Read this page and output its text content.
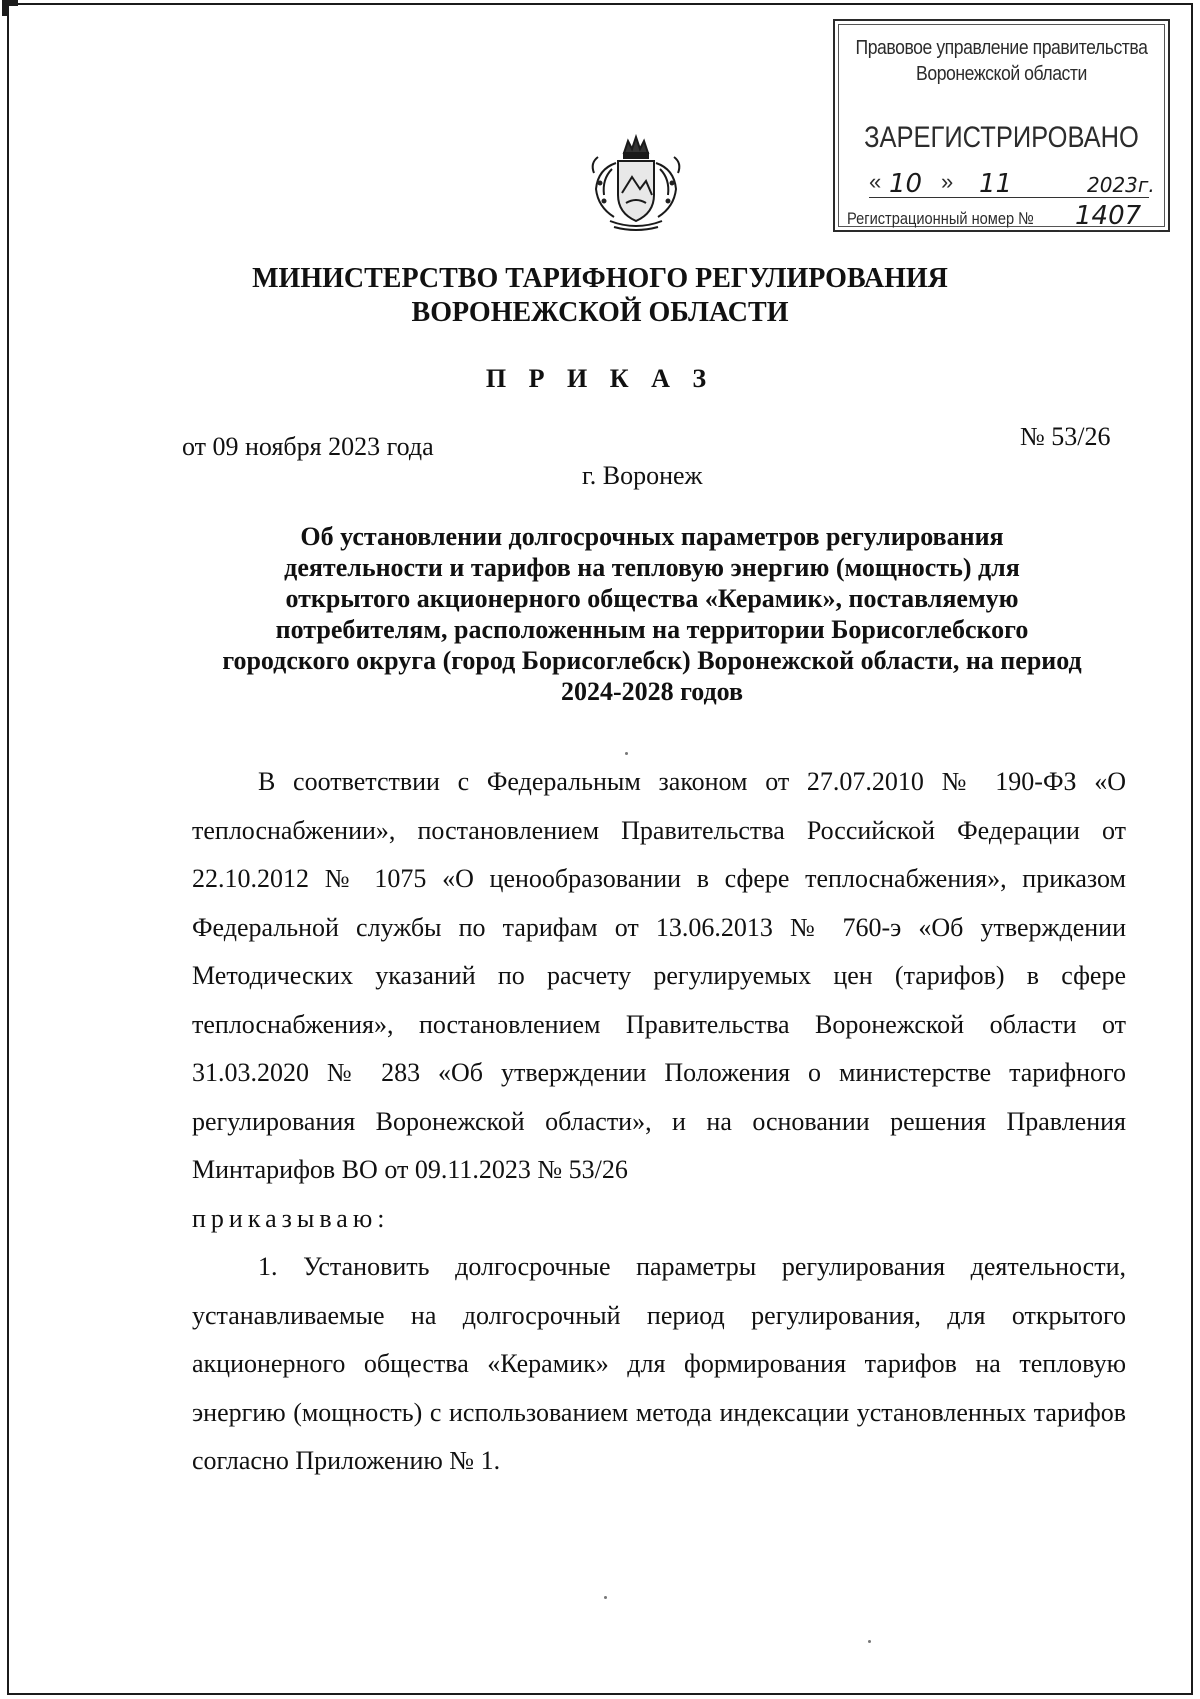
Правовое управление правительства
Воронежской области
ЗАРЕГИСТРИРОВАНО
« 10 » 11	2023г.
Регистрационный номер № 1407
МИНИСТЕРСТВО ТАРИФНОГО РЕГУЛИРОВАНИЯ
ВОРОНЕЖСКОЙ ОБЛАСТИ
П Р И К А З
от 09 ноября 2023 года	№ 53/26
г. Воронеж
Об установлении долгосрочных параметров регулирования
деятельности и тарифов на тепловую энергию (мощность) для
открытого акционерного общества «Керамик», поставляемую
потребителям, расположенным на территории Борисоглебского
городского округа (город Борисоглебск) Воронежской области, на период
2024-2028 годов

В соответствии с Федеральным законом от 27.07.2010 № 190-ФЗ «О теплоснабжении», постановлением Правительства Российской Федерации от 22.10.2012 № 1075 «О ценообразовании в сфере теплоснабжения», приказом Федеральной службы по тарифам от 13.06.2013 № 760-э «Об утверждении Методических указаний по расчету регулируемых цен (тарифов) в сфере теплоснабжения», постановлением Правительства Воронежской области от 31.03.2020 № 283 «Об утверждении Положения о министерстве тарифного регулирования Воронежской области», и на основании решения Правления Минтарифов ВО от 09.11.2023 № 53/26

приказываю:

1. Установить долгосрочные параметры регулирования деятельности, устанавливаемые на долгосрочный период регулирования, для открытого акционерного общества «Керамик» для формирования тарифов на тепловую энергию (мощность) с использованием метода индексации установленных тарифов согласно Приложению № 1.
